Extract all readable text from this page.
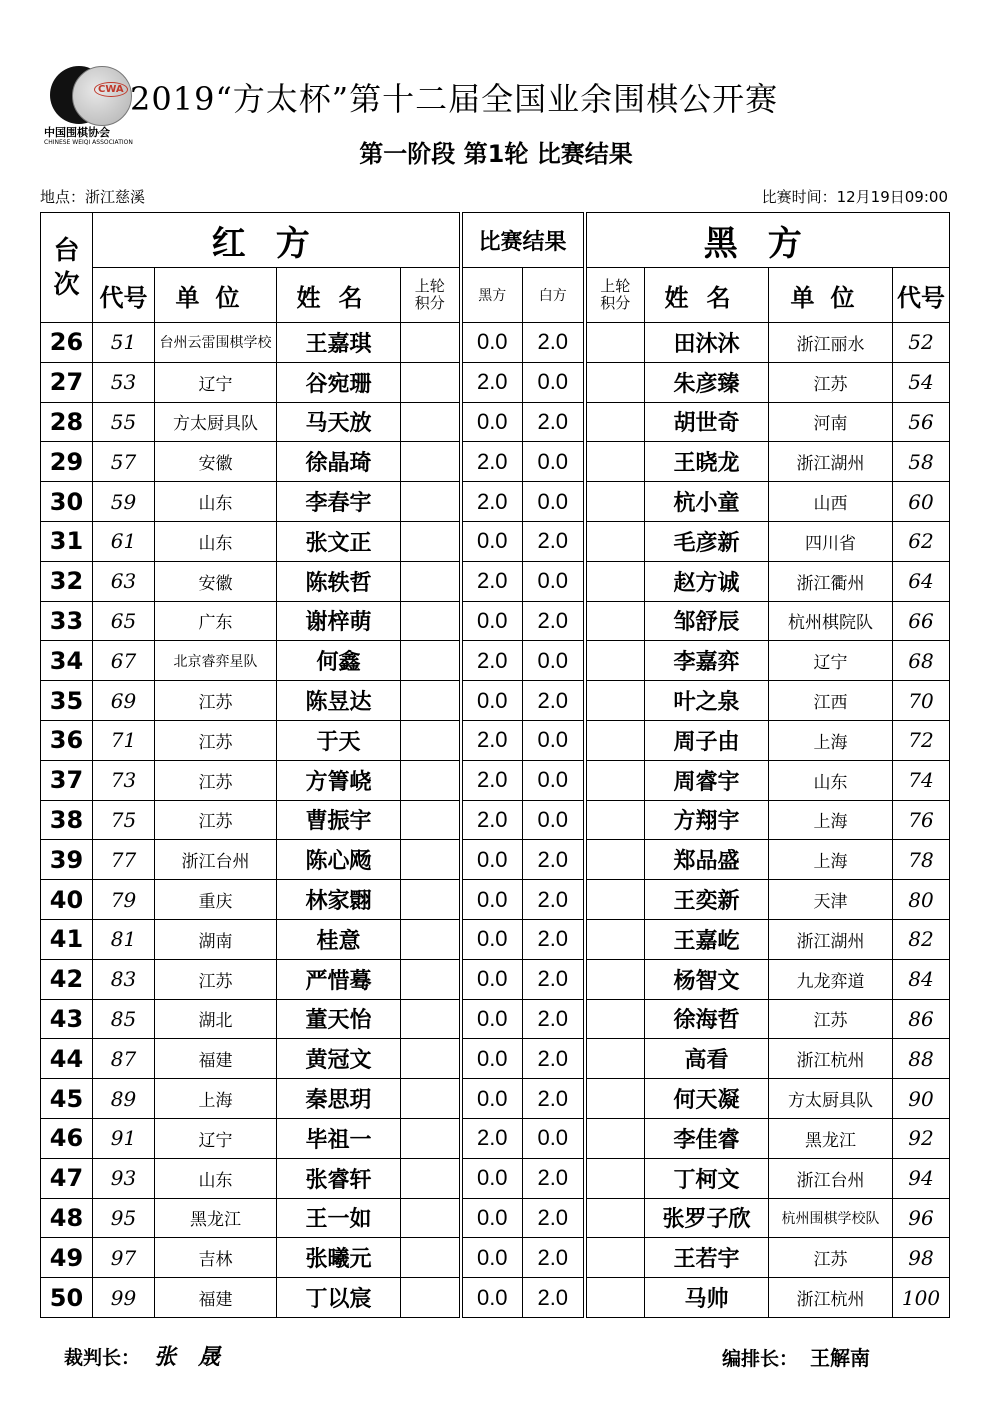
CWA
中国围棋协会
CHINESE WEIQI ASSOCIATION
2019“方太杯”第十二届全国业余围棋公开赛
第一阶段 第1轮 比赛结果
地点：浙江慈溪	比赛时间：12月19日09:00
台次	红方				比赛结果		黑方			
	代号	单位	姓名	上轮积分	黑方	白方	上轮积分	姓名	单位	代号
26	51	台州云雷围棋学校	王嘉琪		0.0	2.0		田沐沐	浙江丽水	52
27	53	辽宁	谷宛珊		2.0	0.0		朱彦臻	江苏	54
28	55	方太厨具队	马天放		0.0	2.0		胡世奇	河南	56
29	57	安徽	徐晶琦		2.0	0.0		王晓龙	浙江湖州	58
30	59	山东	李春宇		2.0	0.0		杭小童	山西	60
31	61	山东	张文正		0.0	2.0		毛彦新	四川省	62
32	63	安徽	陈轶哲		2.0	0.0		赵方诚	浙江衢州	64
33	65	广东	谢梓萌		0.0	2.0		邹舒辰	杭州棋院队	66
34	67	北京睿弈星队	何鑫		2.0	0.0		李嘉弈	辽宁	68
35	69	江苏	陈昱达		0.0	2.0		叶之泉	江西	70
36	71	江苏	于天		2.0	0.0		周子由	上海	72
37	73	江苏	方箐峣		2.0	0.0		周睿宇	山东	74
38	75	江苏	曹振宇		2.0	0.0		方翔宇	上海	76
39	77	浙江台州	陈心飏		0.0	2.0		郑品盛	上海	78
40	79	重庆	林家翾		0.0	2.0		王奕新	天津	80
41	81	湖南	桂意		0.0	2.0		王嘉屹	浙江湖州	82
42	83	江苏	严惜蓦		0.0	2.0		杨智文	九龙弈道	84
43	85	湖北	董天怡		0.0	2.0		徐海哲	江苏	86
44	87	福建	黄冠文		0.0	2.0		高看	浙江杭州	88
45	89	上海	秦思玥		0.0	2.0		何天凝	方太厨具队	90
46	91	辽宁	毕祖一		2.0	0.0		李佳睿	黑龙江	92
47	93	山东	张睿轩		0.0	2.0		丁柯文	浙江台州	94
48	95	黑龙江	王一如		0.0	2.0		张罗子欣	杭州围棋学校队	96
49	97	吉林	张曦元		0.0	2.0		王若宇	江苏	98
50	99	福建	丁以宸		0.0	2.0		马帅	浙江杭州	100
裁判长： 张晟	编排长： 王解南
